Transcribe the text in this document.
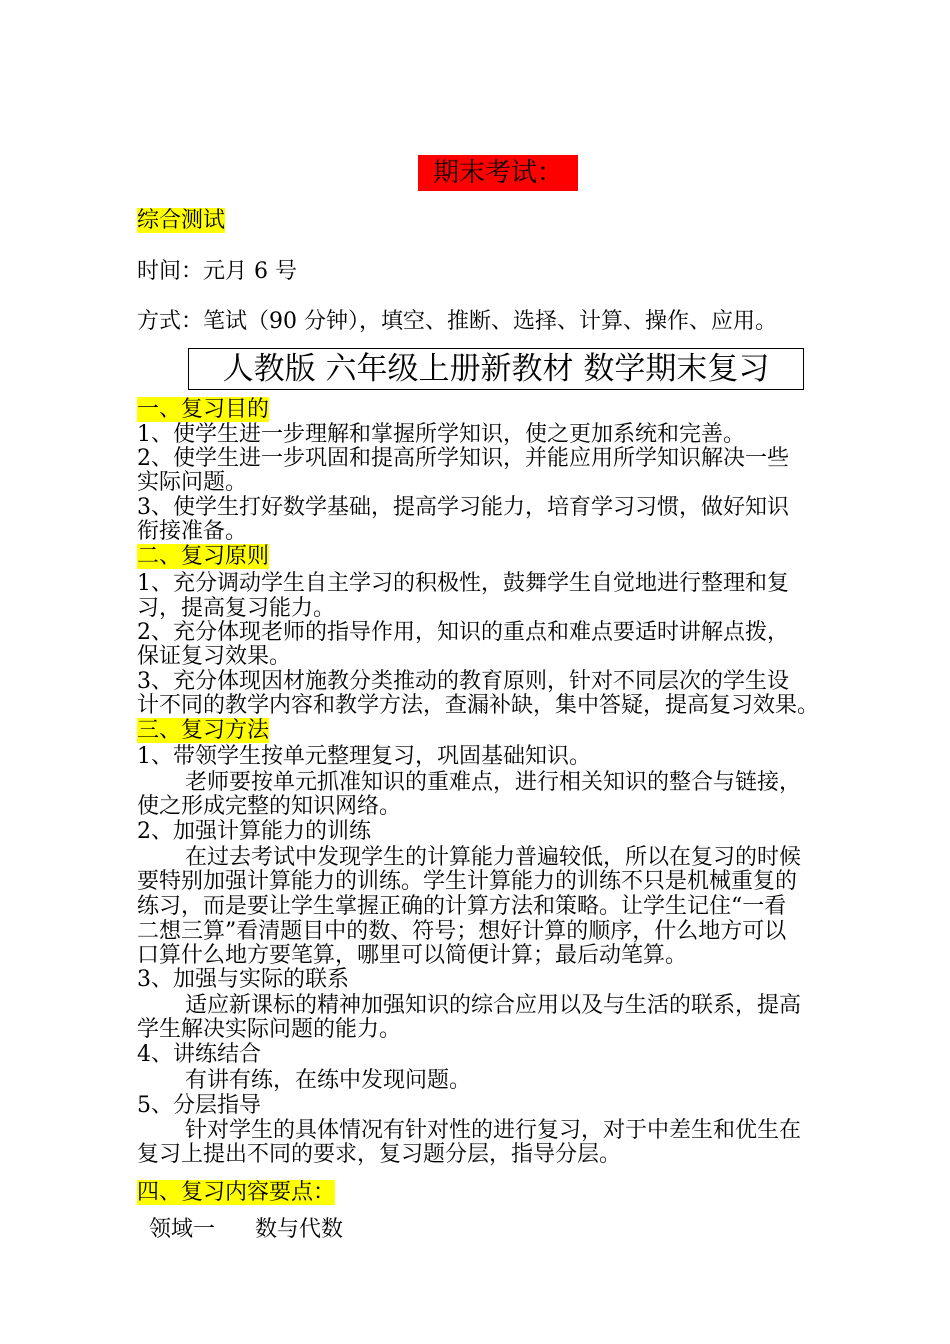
期末考试：
综合测试
时间：元月 6 号
方式：笔试（90 分钟），填空、推断、选择、计算、操作、应用。
人教版 六年级上册新教材 数学期末复习
一、复习目的
1、使学生进一步理解和掌握所学知识，使之更加系统和完善。
2、使学生进一步巩固和提高所学知识，并能应用所学知识解决一些
实际问题。
3、使学生打好数学基础，提高学习能力，培育学习习惯，做好知识
衔接准备。
二、复习原则
1、充分调动学生自主学习的积极性，鼓舞学生自觉地进行整理和复
习，提高复习能力。
2、充分体现老师的指导作用，知识的重点和难点要适时讲解点拨，
保证复习效果。
3、充分体现因材施教分类推动的教育原则，针对不同层次的学生设
计不同的教学内容和教学方法，查漏补缺，集中答疑，提高复习效果。
三、复习方法
1、带领学生按单元整理复习，巩固基础知识。
老师要按单元抓准知识的重难点，进行相关知识的整合与链接，
使之形成完整的知识网络。
2、加强计算能力的训练
在过去考试中发现学生的计算能力普遍较低，所以在复习的时候
要特别加强计算能力的训练。学生计算能力的训练不只是机械重复的
练习，而是要让学生掌握正确的计算方法和策略。让学生记住“一看
二想三算”看清题目中的数、符号；想好计算的顺序，什么地方可以
口算什么地方要笔算，哪里可以简便计算；最后动笔算。
3、加强与实际的联系
适应新课标的精神加强知识的综合应用以及与生活的联系，提高
学生解决实际问题的能力。
4、讲练结合
有讲有练，在练中发现问题。
5、分层指导
针对学生的具体情况有针对性的进行复习，对于中差生和优生在
复习上提出不同的要求，复习题分层，指导分层。
四、复习内容要点：
领域一 数与代数
